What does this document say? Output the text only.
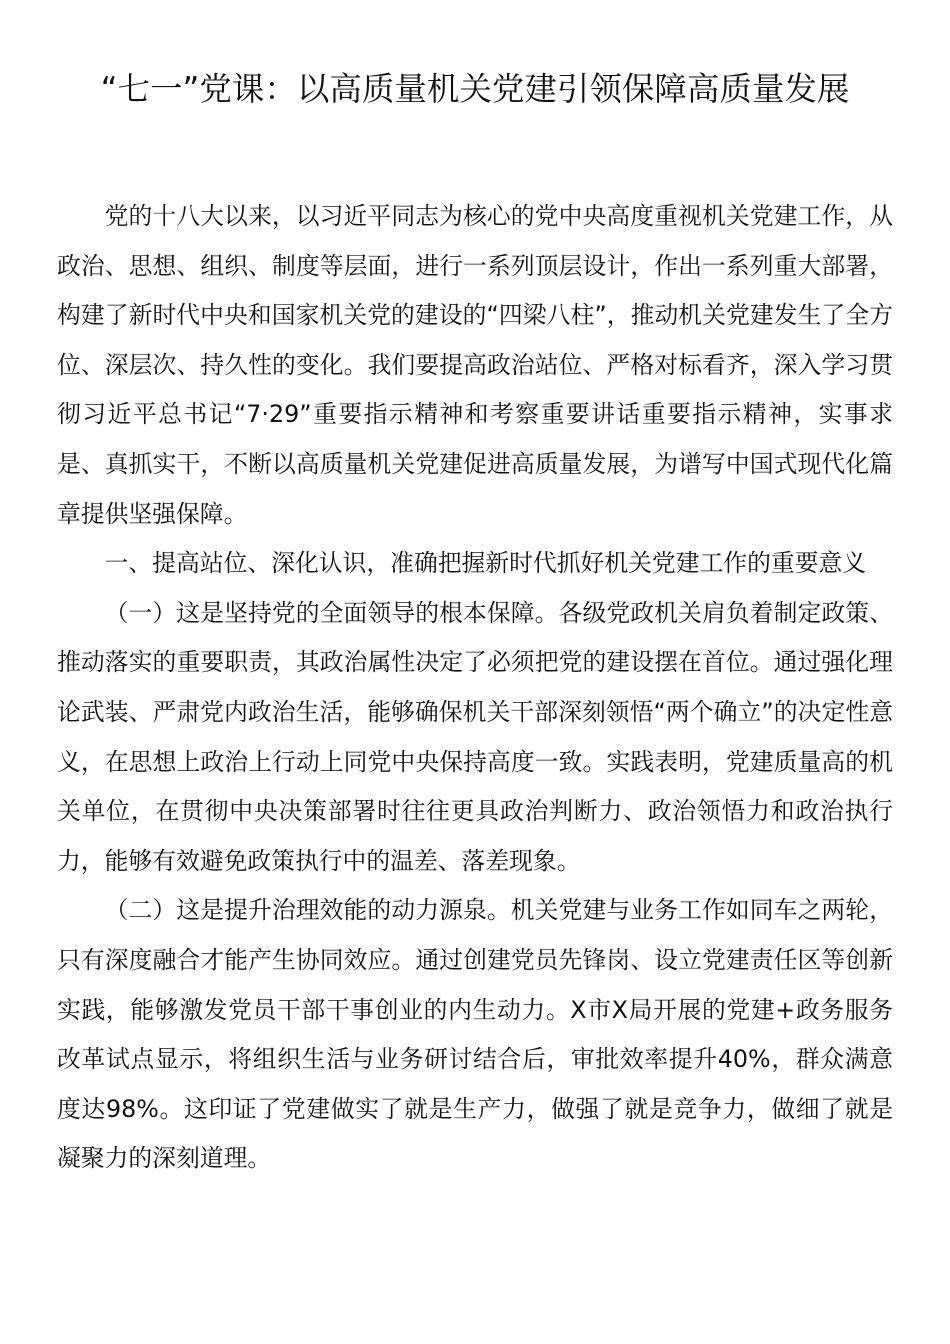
“七一”党课：以高质量机关党建引领保障高质量发展

党的十八大以来，以习近平同志为核心的党中央高度重视机关党建工作，从政治、思想、组织、制度等层面，进行一系列顶层设计，作出一系列重大部署，构建了新时代中央和国家机关党的建设的“四梁八柱”，推动机关党建发生了全方位、深层次、持久性的变化。我们要提高政治站位、严格对标看齐，深入学习贯彻习近平总书记“7·29”重要指示精神和考察重要讲话重要指示精神，实事求是、真抓实干，不断以高质量机关党建促进高质量发展，为谱写中国式现代化篇章提供坚强保障。

一、提高站位、深化认识，准确把握新时代抓好机关党建工作的重要意义

（一）这是坚持党的全面领导的根本保障。各级党政机关肩负着制定政策、推动落实的重要职责，其政治属性决定了必须把党的建设摆在首位。通过强化理论武装、严肃党内政治生活，能够确保机关干部深刻领悟“两个确立”的决定性意义，在思想上政治上行动上同党中央保持高度一致。实践表明，党建质量高的机关单位，在贯彻中央决策部署时往往更具政治判断力、政治领悟力和政治执行力，能够有效避免政策执行中的温差、落差现象。

（二）这是提升治理效能的动力源泉。机关党建与业务工作如同车之两轮，只有深度融合才能产生协同效应。通过创建党员先锋岗、设立党建责任区等创新实践，能够激发党员干部干事创业的内生动力。X市X局开展的党建+政务服务改革试点显示，将组织生活与业务研讨结合后，审批效率提升40%，群众满意度达98%。这印证了党建做实了就是生产力，做强了就是竞争力，做细了就是凝聚力的深刻道理。
